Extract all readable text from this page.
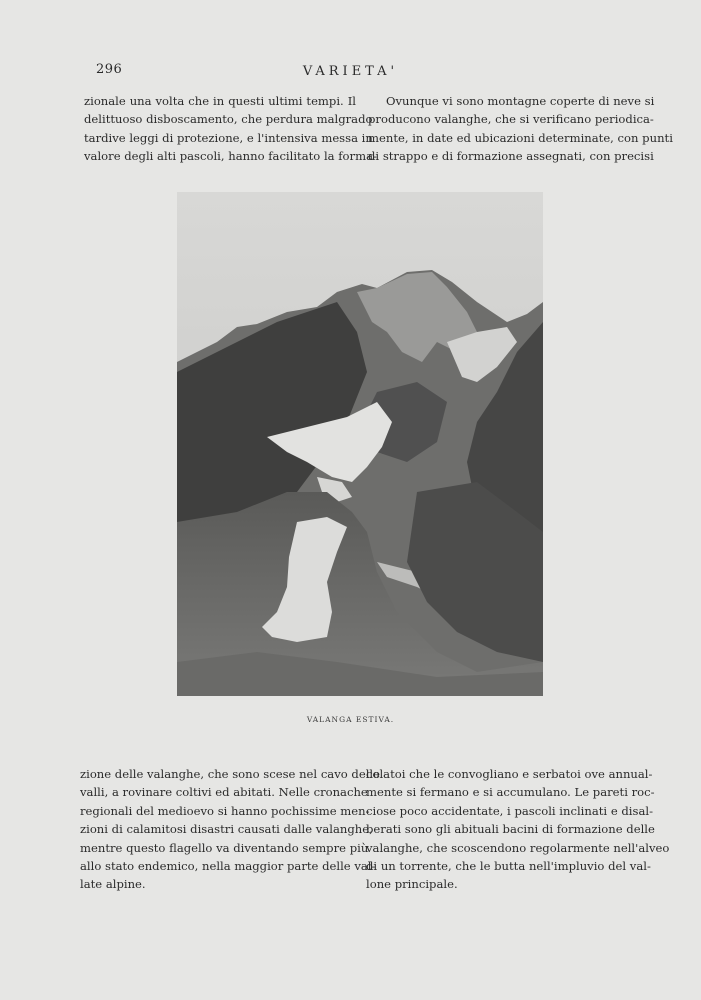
296	VARIETA'
zionale una volta che in questi ultimi tempi. Il
delittuoso disboscamento, che perdura malgrado
tardive leggi di protezione, e l'intensiva messa in
valore degli alti pascoli, hanno facilitato la forma-
Ovunque vi sono montagne coperte di neve si
producono valanghe, che si verificano periodica-
mente, in date ed ubicazioni determinate, con punti
di strappo e di formazione assegnati, con precisi
VALANGA ESTIVA.
zione delle valanghe, che sono scese nel cavo delle
valli, a rovinare coltivi ed abitati. Nelle cronache
regionali del medioevo si hanno pochissime men-
zioni di calamitosi disastri causati dalle valanghe,
mentre questo flagello va diventando sempre più
allo stato endemico, nella maggior parte delle val-
late alpine.
colatoi che le convogliano e serbatoi ove annual-
mente si fermano e si accumulano. Le pareti roc-
ciose poco accidentate, i pascoli inclinati e disal-
berati sono gli abituali bacini di formazione delle
valanghe, che scoscendono regolarmente nell'alveo
di un torrente, che le butta nell'impluvio del val-
lone principale.
